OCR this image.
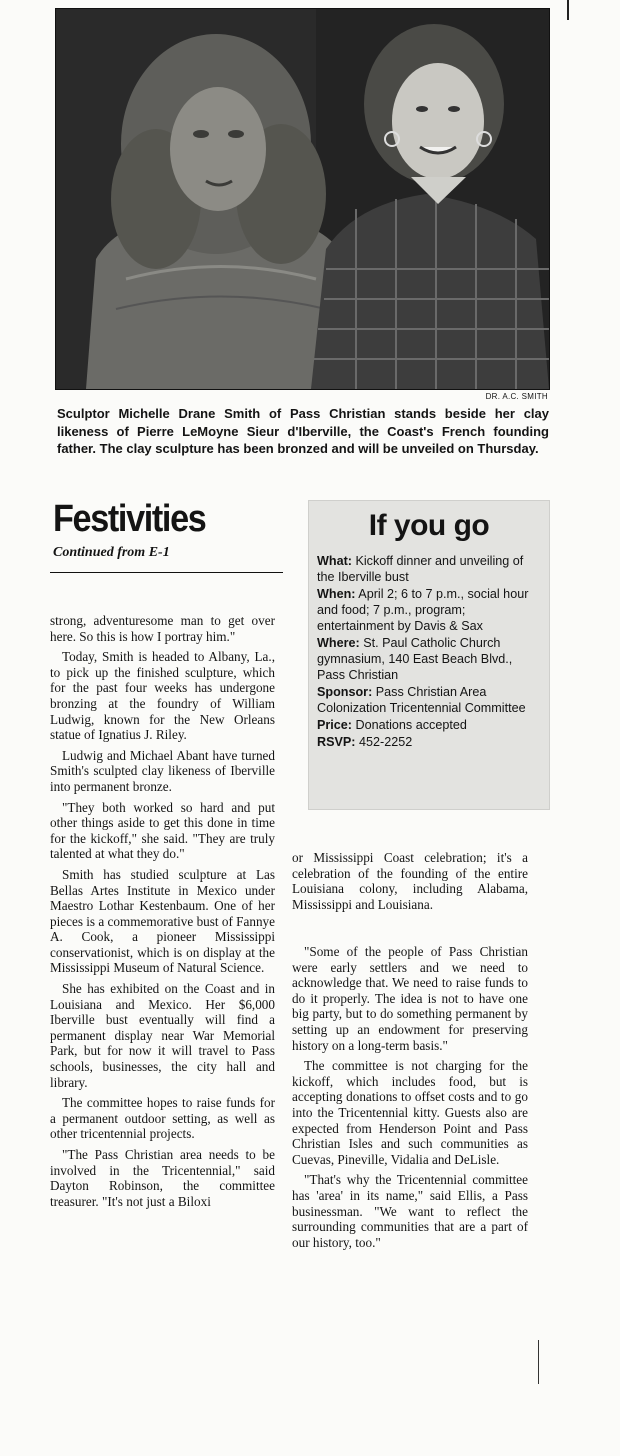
DR. A.C. SMITH
Sculptor Michelle Drane Smith of Pass Christian stands beside her clay likeness of Pierre LeMoyne Sieur d'Iberville, the Coast's French founding father. The clay sculpture has been bronzed and will be unveiled on Thursday.
Festivities
Continued from E-1
If you go

What: Kickoff dinner and unveiling of the Iberville bust

When: April 2; 6 to 7 p.m., social hour and food; 7 p.m., program; entertainment by Davis & Sax

Where: St. Paul Catholic Church gymnasium, 140 East Beach Blvd., Pass Christian

Sponsor: Pass Christian Area Colonization Tricentennial Committee

Price: Donations accepted

RSVP: 452-2252

strong, adventuresome man to get over here. So this is how I portray him."

Today, Smith is headed to Albany, La., to pick up the finished sculpture, which for the past four weeks has undergone bronzing at the foundry of William Ludwig, known for the New Orleans statue of Ignatius J. Riley.

Ludwig and Michael Abant have turned Smith's sculpted clay likeness of Iberville into permanent bronze.

"They both worked so hard and put other things aside to get this done in time for the kickoff," she said. "They are truly talented at what they do."

Smith has studied sculpture at Las Bellas Artes Institute in Mexico under Maestro Lothar Kestenbaum. One of her pieces is a commemorative bust of Fannye A. Cook, a pioneer Mississippi conservationist, which is on display at the Mississippi Museum of Natural Science.

She has exhibited on the Coast and in Louisiana and Mexico. Her $6,000 Iberville bust eventually will find a permanent display near War Memorial Park, but for now it will travel to Pass schools, businesses, the city hall and library.

The committee hopes to raise funds for a permanent outdoor setting, as well as other tricentennial projects.

"The Pass Christian area needs to be involved in the Tricentennial," said Dayton Robinson, the committee treasurer. "It's not just a Biloxi

or Mississippi Coast celebration; it's a celebration of the founding of the entire Louisiana colony, including Alabama, Mississippi and Louisiana.

"Some of the people of Pass Christian were early settlers and we need to acknowledge that. We need to raise funds to do it properly. The idea is not to have one big party, but to do something permanent by setting up an endowment for preserving history on a long-term basis."

The committee is not charging for the kickoff, which includes food, but is accepting donations to offset costs and to go into the Tricentennial kitty. Guests also are expected from Henderson Point and Pass Christian Isles and such communities as Cuevas, Pineville, Vidalia and DeLisle.

"That's why the Tricentennial committee has 'area' in its name," said Ellis, a Pass businessman. "We want to reflect the surrounding communities that are a part of our history, too."
